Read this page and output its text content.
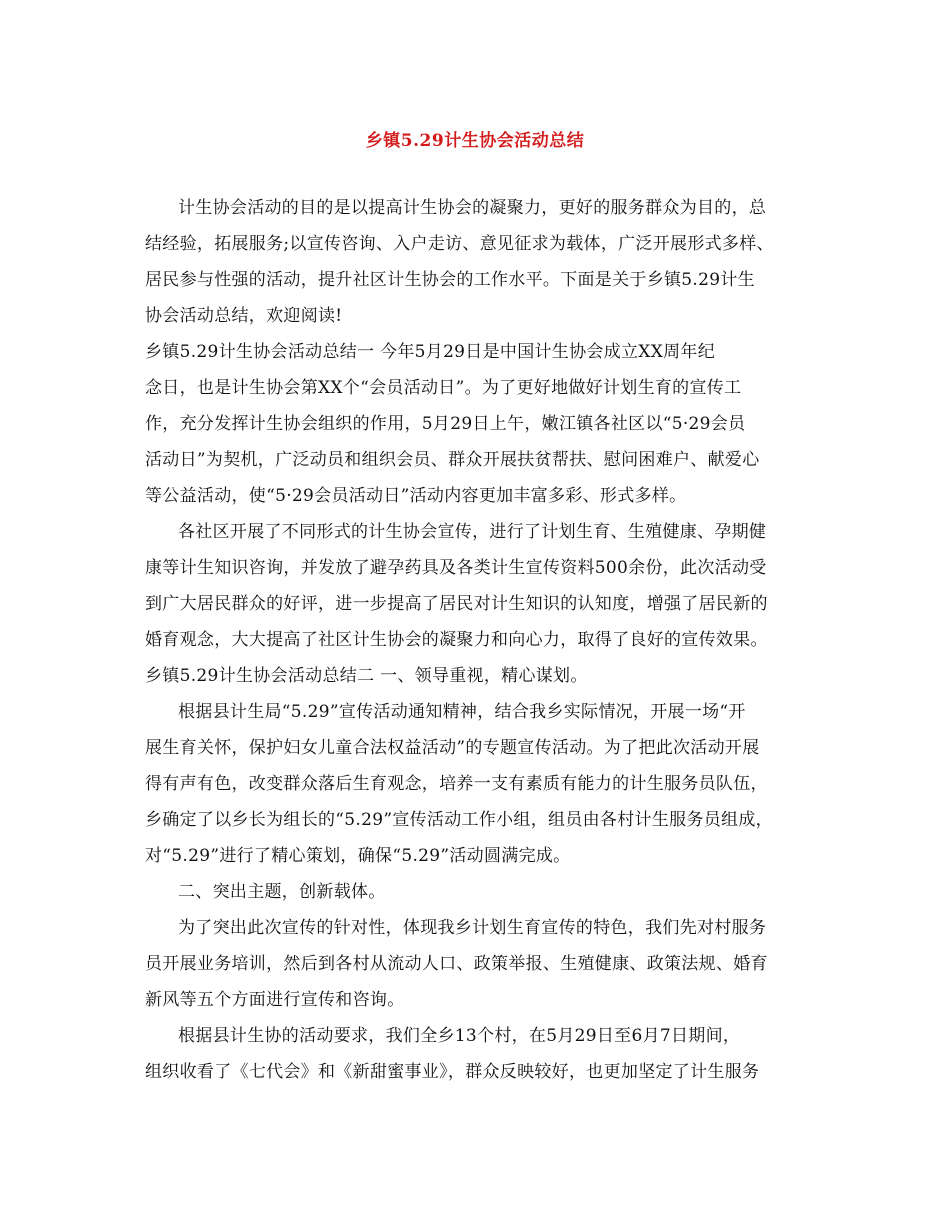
乡镇5.29计生协会活动总结
计生协会活动的目的是以提高计生协会的凝聚力，更好的服务群众为目的，总
结经验，拓展服务;以宣传咨询、入户走访、意见征求为载体，广泛开展形式多样、
居民参与性强的活动，提升社区计生协会的工作水平。下面是关于乡镇5.29计生
协会活动总结，欢迎阅读!
乡镇5.29计生协会活动总结一 今年5月29日是中国计生协会成立XX周年纪
念日，也是计生协会第XX个“会员活动日”。为了更好地做好计划生育的宣传工
作，充分发挥计生协会组织的作用，5月29日上午，嫩江镇各社区以“5·29会员
活动日”为契机，广泛动员和组织会员、群众开展扶贫帮扶、慰问困难户、献爱心
等公益活动，使“5·29会员活动日”活动内容更加丰富多彩、形式多样。
各社区开展了不同形式的计生协会宣传，进行了计划生育、生殖健康、孕期健
康等计生知识咨询，并发放了避孕药具及各类计生宣传资料500余份，此次活动受
到广大居民群众的好评，进一步提高了居民对计生知识的认知度，增强了居民新的
婚育观念，大大提高了社区计生协会的凝聚力和向心力，取得了良好的宣传效果。
乡镇5.29计生协会活动总结二 一、领导重视，精心谋划。
根据县计生局“5.29”宣传活动通知精神，结合我乡实际情况，开展一场“开
展生育关怀，保护妇女儿童合法权益活动”的专题宣传活动。为了把此次活动开展
得有声有色，改变群众落后生育观念，培养一支有素质有能力的计生服务员队伍，
乡确定了以乡长为组长的“5.29”宣传活动工作小组，组员由各村计生服务员组成，
对“5.29”进行了精心策划，确保“5.29”活动圆满完成。
二、突出主题，创新载体。
为了突出此次宣传的针对性，体现我乡计划生育宣传的特色，我们先对村服务
员开展业务培训，然后到各村从流动人口、政策举报、生殖健康、政策法规、婚育
新风等五个方面进行宣传和咨询。
根据县计生协的活动要求，我们全乡13个村，在5月29日至6月7日期间，
组织收看了《七代会》和《新甜蜜事业》，群众反映较好，也更加坚定了计生服务
